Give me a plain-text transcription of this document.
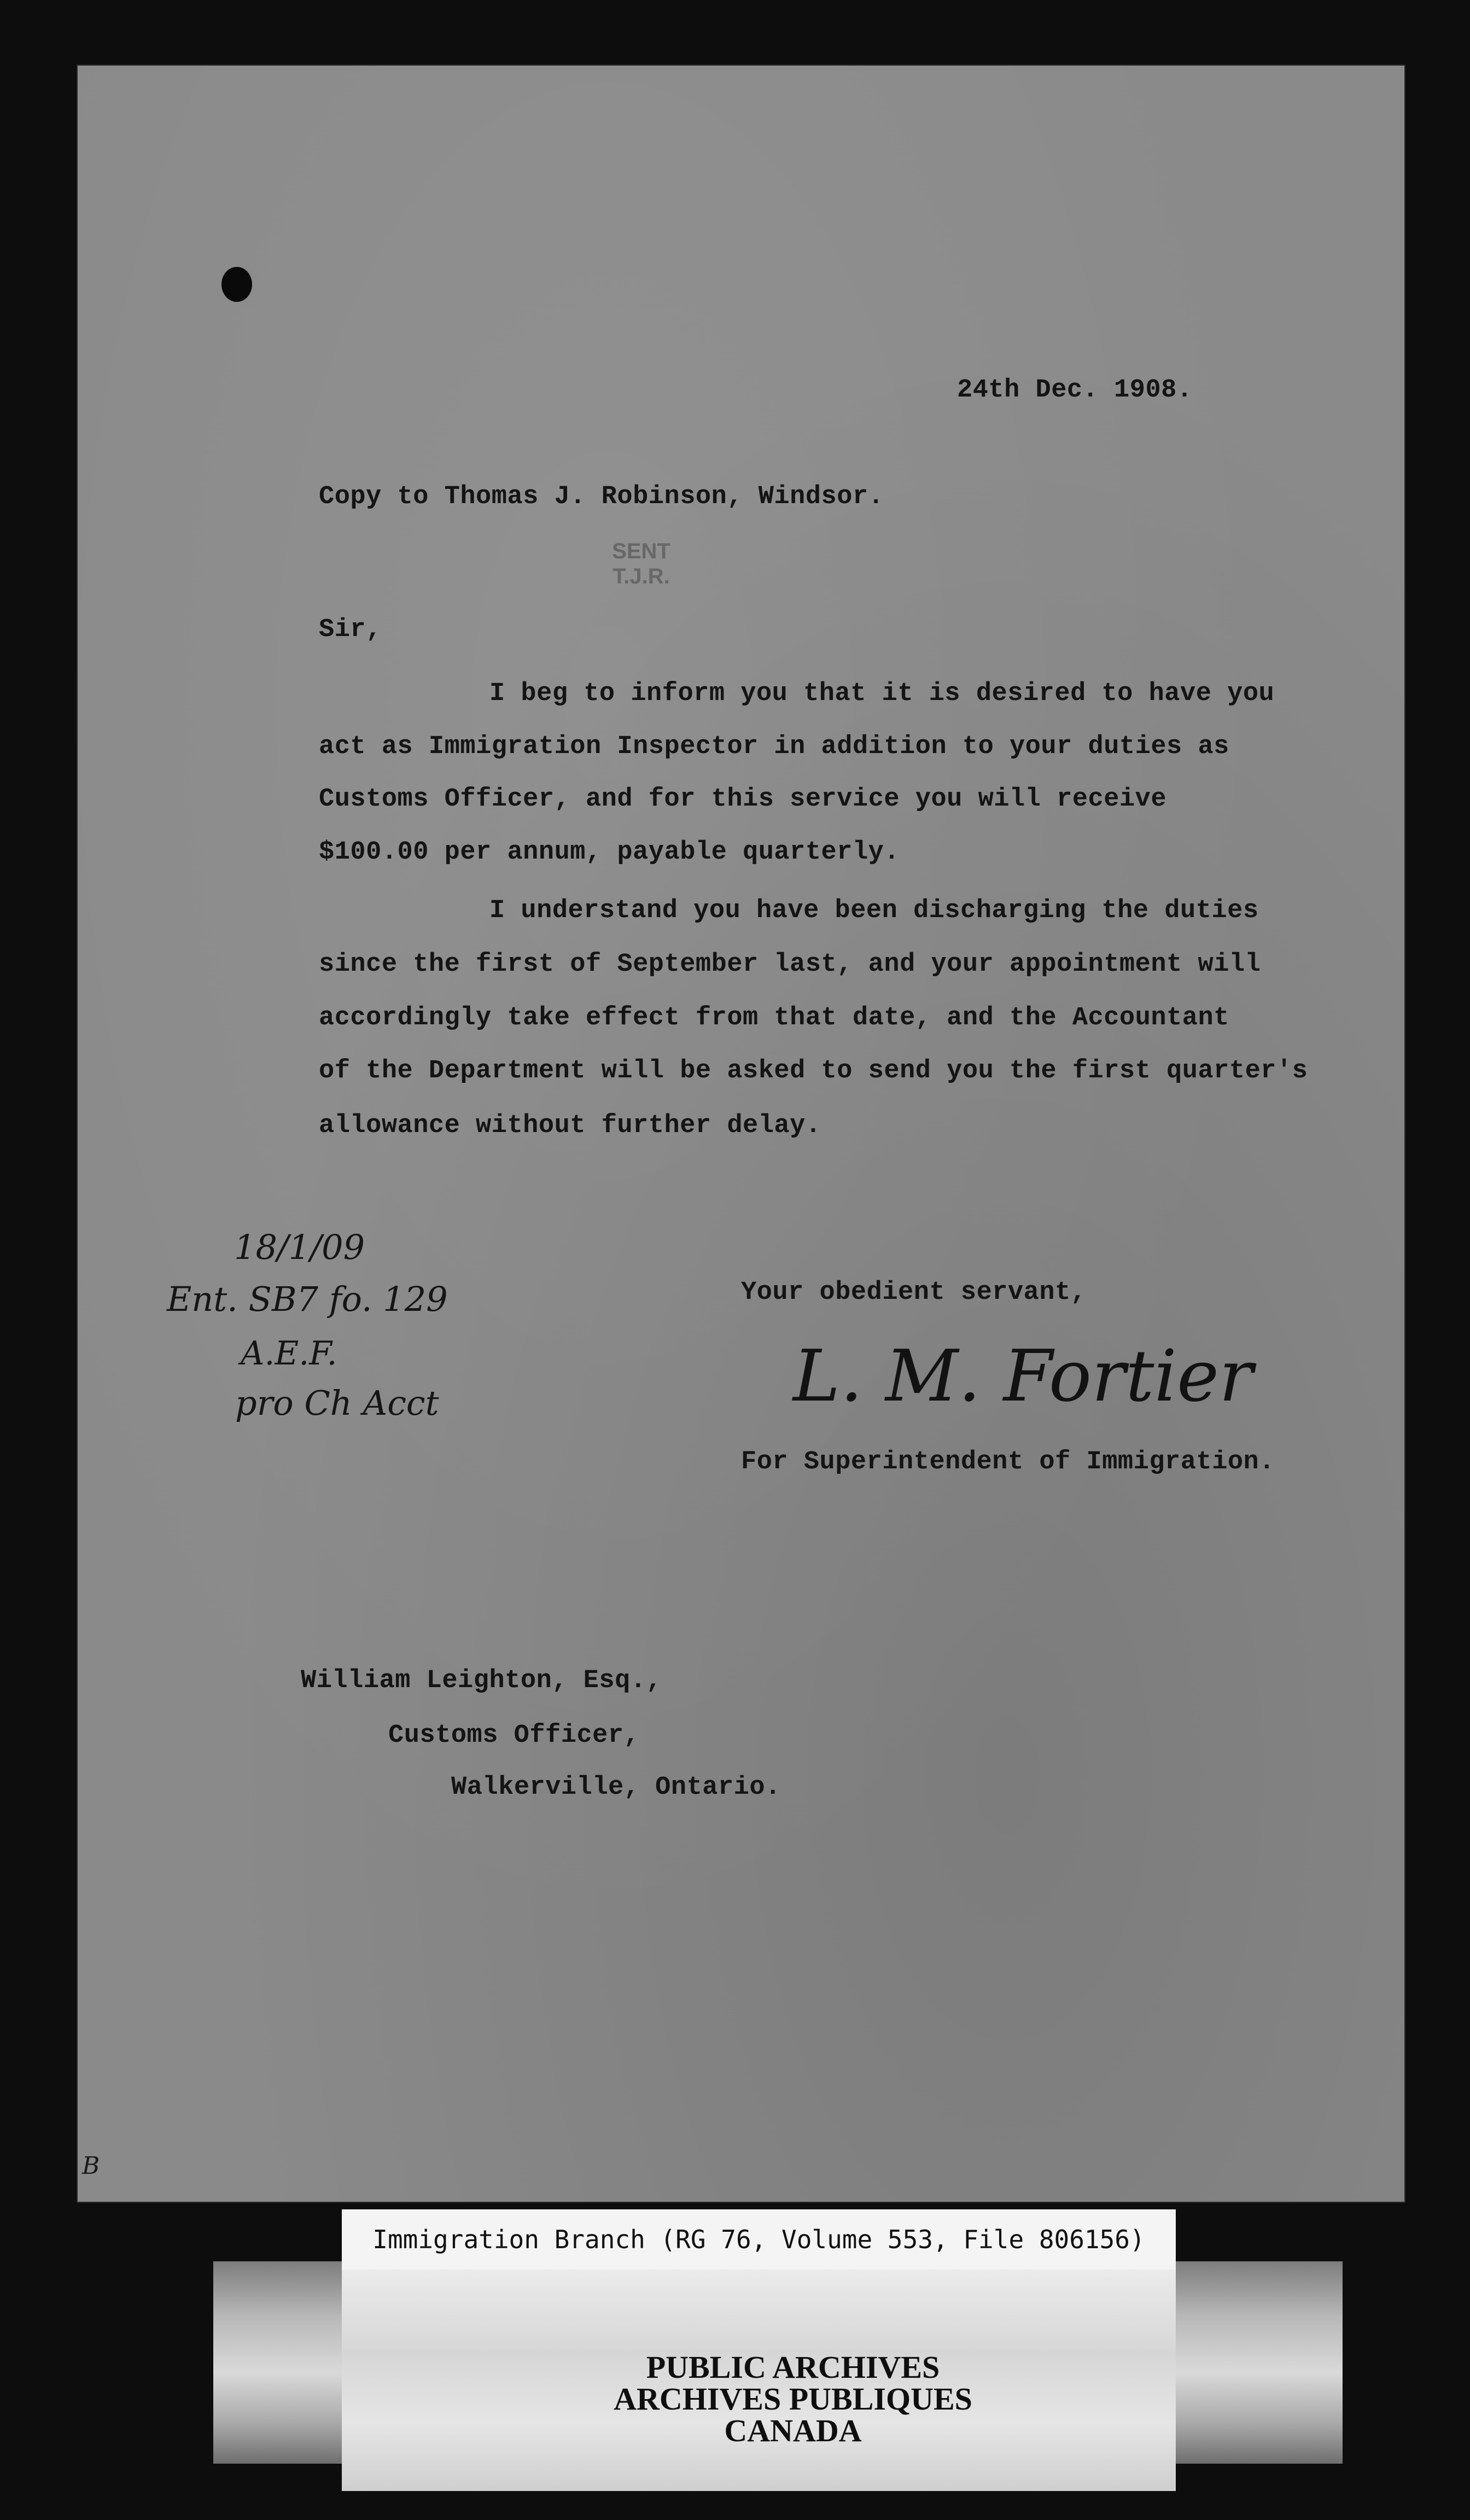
24th Dec. 1908.
Copy to Thomas J. Robinson, Windsor.
SENT
T.J.R.
Sir,
I beg to inform you that it is desired to have you
act as Immigration Inspector in addition to your duties as
Customs Officer, and for this service you will receive
$100.00 per annum, payable quarterly.
I understand you have been discharging the duties
since the first of September last, and your appointment will
accordingly take effect from that date, and the Accountant
of the Department will be asked to send you the first quarter's
allowance without further delay.
18/1/09
Ent. SB7 fo. 129
A.E.F.
pro Ch Acct
Your obedient servant,
L. M. Fortier
For Superintendent of Immigration.
William Leighton, Esq.,
Customs Officer,
Walkerville, Ontario.
B
Immigration Branch (RG 76, Volume 553, File 806156)
PUBLIC ARCHIVES
ARCHIVES PUBLIQUES
CANADA
